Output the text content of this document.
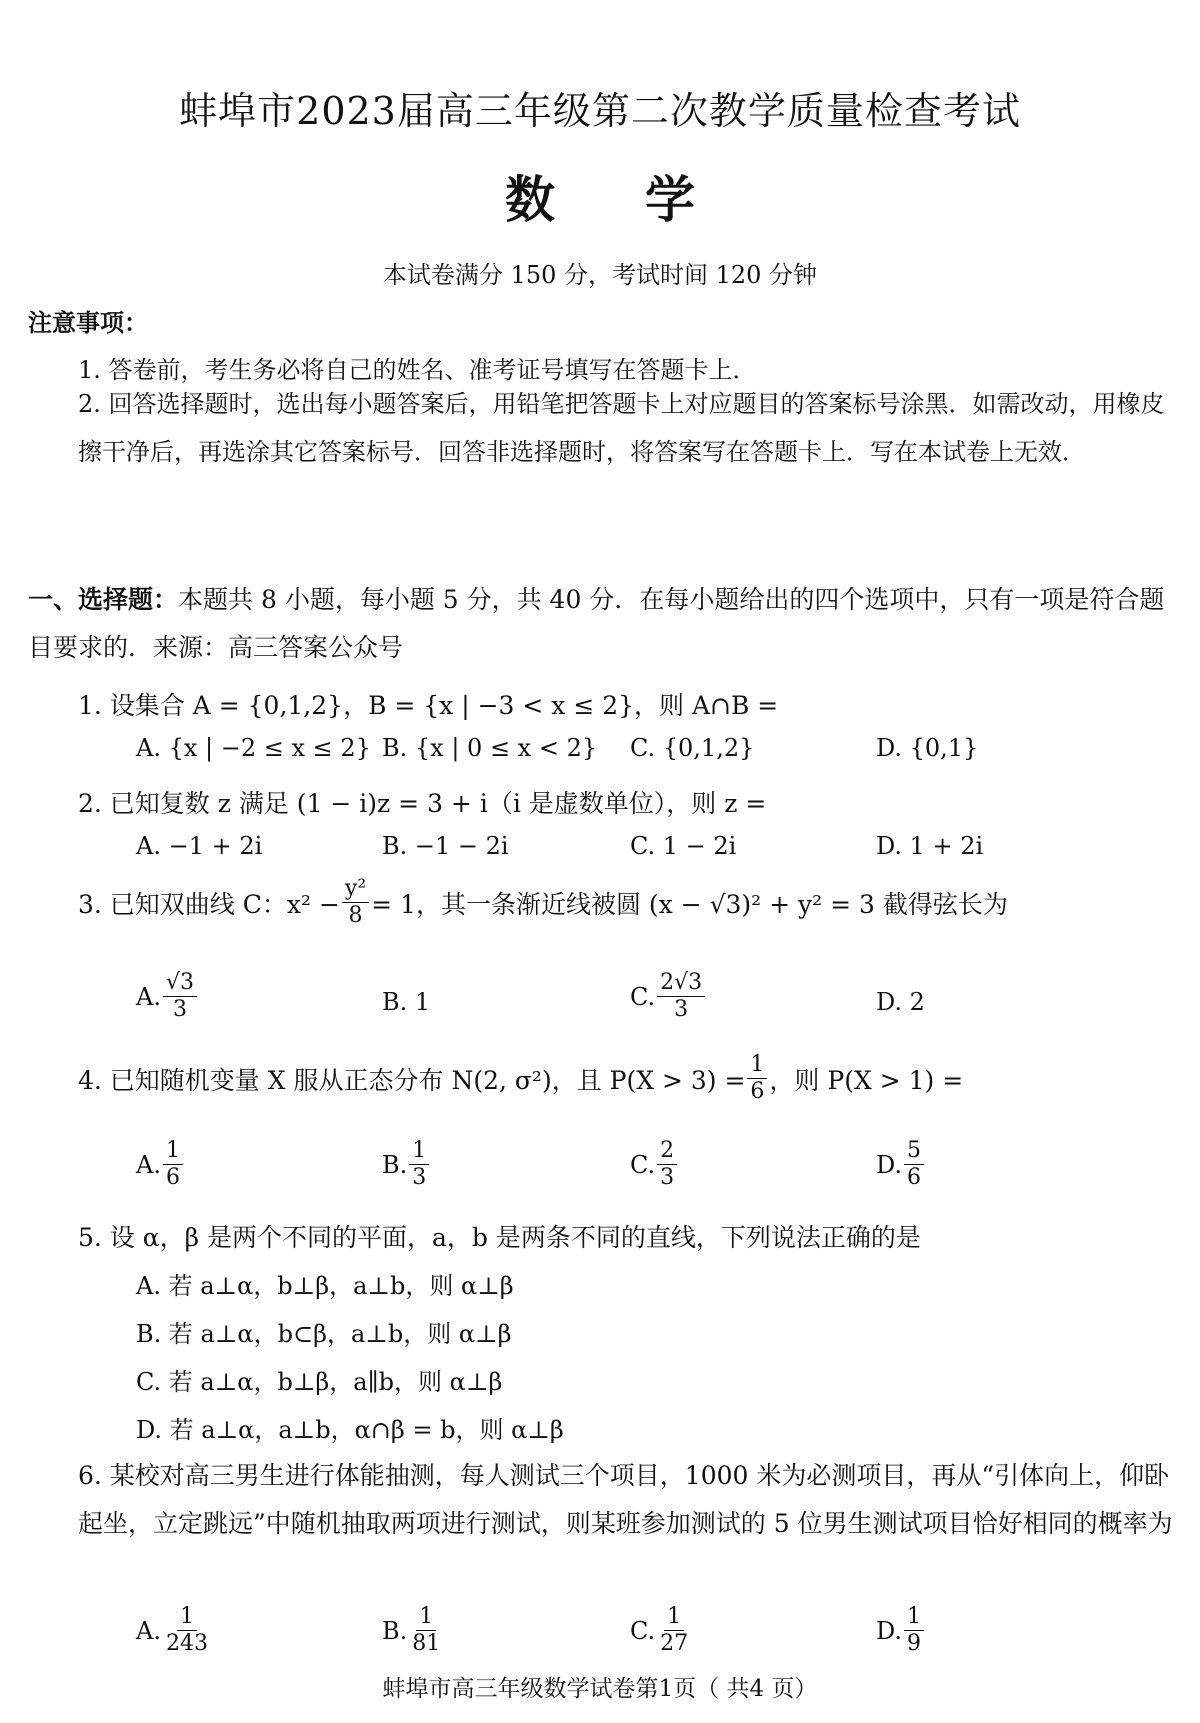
蚌埠市2023届高三年级第二次教学质量检查考试
数学
本试卷满分 150 分，考试时间 120 分钟
注意事项：
1. 答卷前，考生务必将自己的姓名、准考证号填写在答题卡上．
2. 回答选择题时，选出每小题答案后，用铅笔把答题卡上对应题目的答案标号涂黑．如需改动，用橡皮擦干净后，再选涂其它答案标号．回答非选择题时，将答案写在答题卡上．写在本试卷上无效．
一、选择题：本题共 8 小题，每小题 5 分，共 40 分．在每小题给出的四个选项中，只有一项是符合题目要求的．来源：高三答案公众号
1. 设集合 A = {0,1,2}，B = {x | −3 < x ≤ 2}，则 A∩B =
A. {x | −2 ≤ x ≤ 2} B. {x | 0 ≤ x < 2} C. {0,1,2}	D. {0,1}
2. 已知复数 z 满足 (1 − i)z = 3 + i（i 是虚数单位），则 z =
A. −1 + 2i	B. −1 − 2i	C. 1 − 2i	D. 1 + 2i
3. 已知双曲线 C：$x^2 - \frac{\text{y²}}{8} = 1$，其一条渐近线被圆 (x − √3)² + y² = 3 截得弦长为
A. $\frac{√3}{3}$	B. 1	C. $\frac{2√3}{3}$	D. 2
4. 已知随机变量 X 服从正态分布 N(2, σ²)，且 $P(X > 3) = \frac{1}{6}$ ，则 P(X > 1) =
A. $\frac{1}{6}$	B. $\frac{1}{3}$	C. $\frac{2}{3}$	D. $\frac{5}{6}$
5. 设 α，β 是两个不同的平面，a，b 是两条不同的直线，下列说法正确的是
A. 若 a⊥α，b⊥β，a⊥b，则 α⊥β
B. 若 a⊥α，b⊂β，a⊥b，则 α⊥β
C. 若 a⊥α，b⊥β，a∥b，则 α⊥β
D. 若 a⊥α，a⊥b，α∩β = b，则 α⊥β
6. 某校对高三男生进行体能抽测，每人测试三个项目，1000 米为必测项目，再从“引体向上，仰卧起坐，立定跳远”中随机抽取两项进行测试，则某班参加测试的 5 位男生测试项目恰好相同的概率为
A. $\frac{1}{243}$	B. $\frac{1}{81}$	C. $\frac{1}{27}$	D. $\frac{1}{9}$
蚌埠市高三年级数学试卷第1页（ 共4 页）
